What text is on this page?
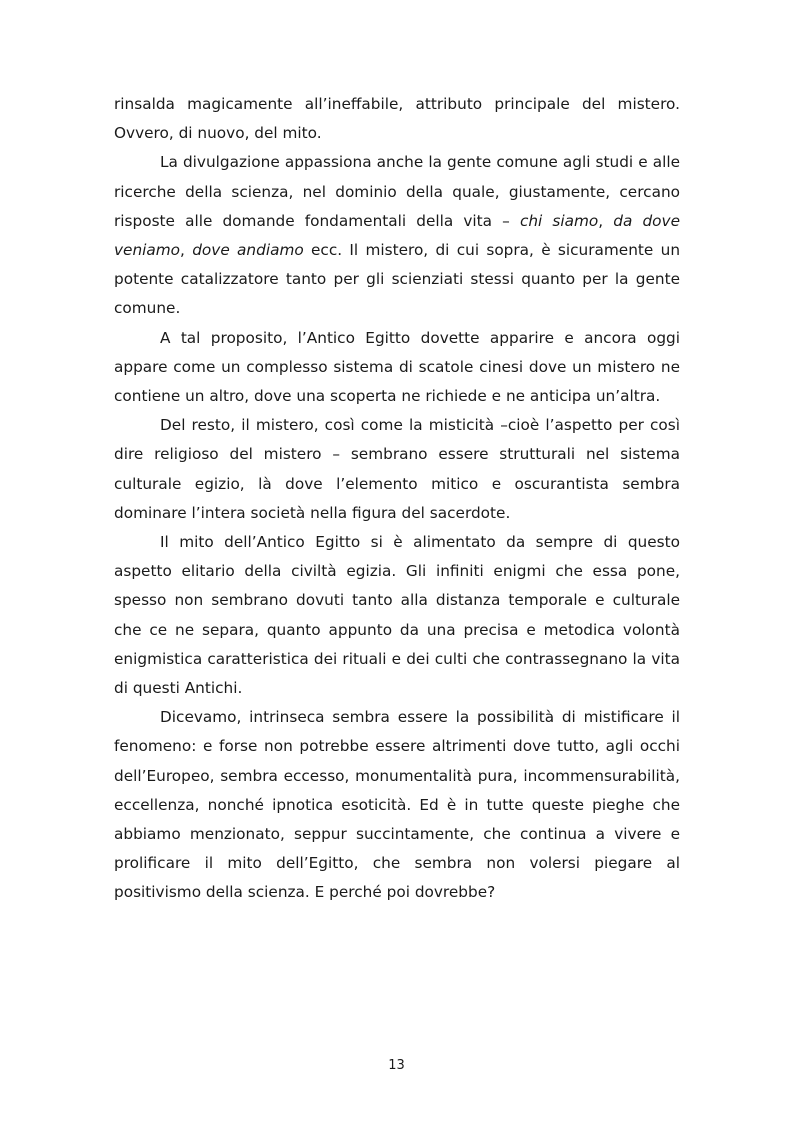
rinsalda magicamente all’ineffabile, attributo principale del mistero. Ovvero, di nuovo, del mito.

La divulgazione appassiona anche la gente comune agli studi e alle ricerche della scienza, nel dominio della quale, giustamente, cercano risposte alle domande fondamentali della vita – chi siamo, da dove veniamo, dove andiamo ecc. Il mistero, di cui sopra, è sicuramente un potente catalizzatore tanto per gli scienziati stessi quanto per la gente comune.

A tal proposito, l’Antico Egitto dovette apparire e ancora oggi appare come un complesso sistema di scatole cinesi dove un mistero ne contiene un altro, dove una scoperta ne richiede e ne anticipa un’altra.

Del resto, il mistero, così come la misticità –cioè l’aspetto per così dire religioso del mistero – sembrano essere strutturali nel sistema culturale egizio, là dove l’elemento mitico e oscurantista sembra dominare l’intera società nella figura del sacerdote.

Il mito dell’Antico Egitto si è alimentato da sempre di questo aspetto elitario della civiltà egizia. Gli infiniti enigmi che essa pone, spesso non sembrano dovuti tanto alla distanza temporale e culturale che ce ne separa, quanto appunto da una precisa e metodica volontà enigmistica caratteristica dei rituali e dei culti che contrassegnano la vita di questi Antichi.

Dicevamo, intrinseca sembra essere la possibilità di mistificare il fenomeno: e forse non potrebbe essere altrimenti dove tutto, agli occhi dell’Europeo, sembra eccesso, monumentalità pura, incommensurabilità, eccellenza, nonché ipnotica esoticità. Ed è in tutte queste pieghe che abbiamo menzionato, seppur succintamente, che continua a vivere e prolificare il mito dell’Egitto, che sembra non volersi piegare al positivismo della scienza. E perché poi dovrebbe?

13
